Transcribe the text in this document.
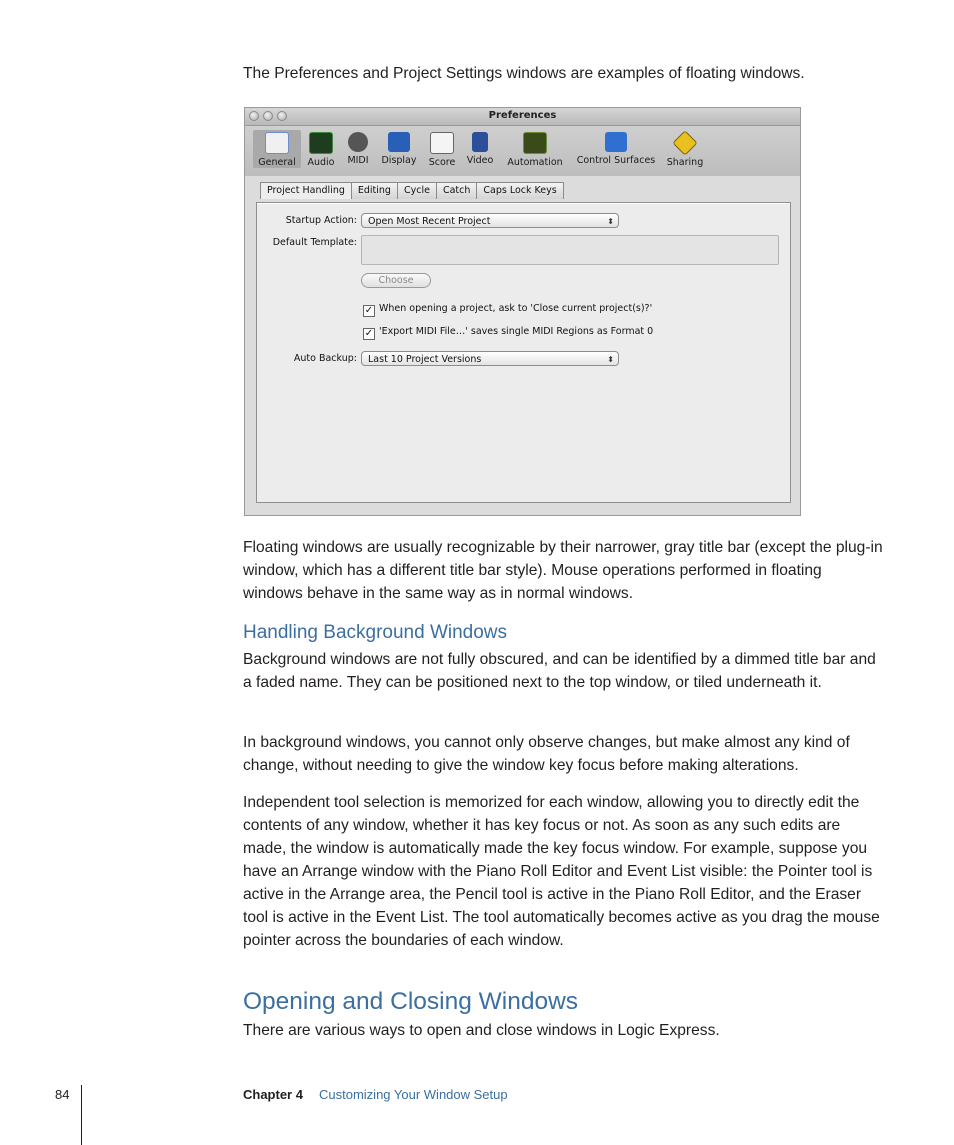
The Preferences and Project Settings windows are examples of floating windows.

Preferences
General	Audio	MIDI	Display	Score	Video	Automation	Control Surfaces	Sharing
Project Handling	Editing	Cycle	Catch	Caps Lock Keys
Startup Action:	Open Most Recent Project	⬍
Default Template:
Choose
✓ When opening a project, ask to 'Close current project(s)?'
✓ 'Export MIDI File…' saves single MIDI Regions as Format 0
Auto Backup:	Last 10 Project Versions	⬍

Floating windows are usually recognizable by their narrower, gray title bar (except the plug-in window, which has a different title bar style). Mouse operations performed in floating windows behave in the same way as in normal windows.

Handling Background Windows

Background windows are not fully obscured, and can be identified by a dimmed title bar and a faded name. They can be positioned next to the top window, or tiled underneath it.

In background windows, you cannot only observe changes, but make almost any kind of change, without needing to give the window key focus before making alterations.

Independent tool selection is memorized for each window, allowing you to directly edit the contents of any window, whether it has key focus or not. As soon as any such edits are made, the window is automatically made the key focus window. For example, suppose you have an Arrange window with the Piano Roll Editor and Event List visible: the Pointer tool is active in the Arrange area, the Pencil tool is active in the Piano Roll Editor, and the Eraser tool is active in the Event List. The tool automatically becomes active as you drag the mouse pointer across the boundaries of each window.

Opening and Closing Windows

There are various ways to open and close windows in Logic Express.

84	Chapter 4 Customizing Your Window Setup
